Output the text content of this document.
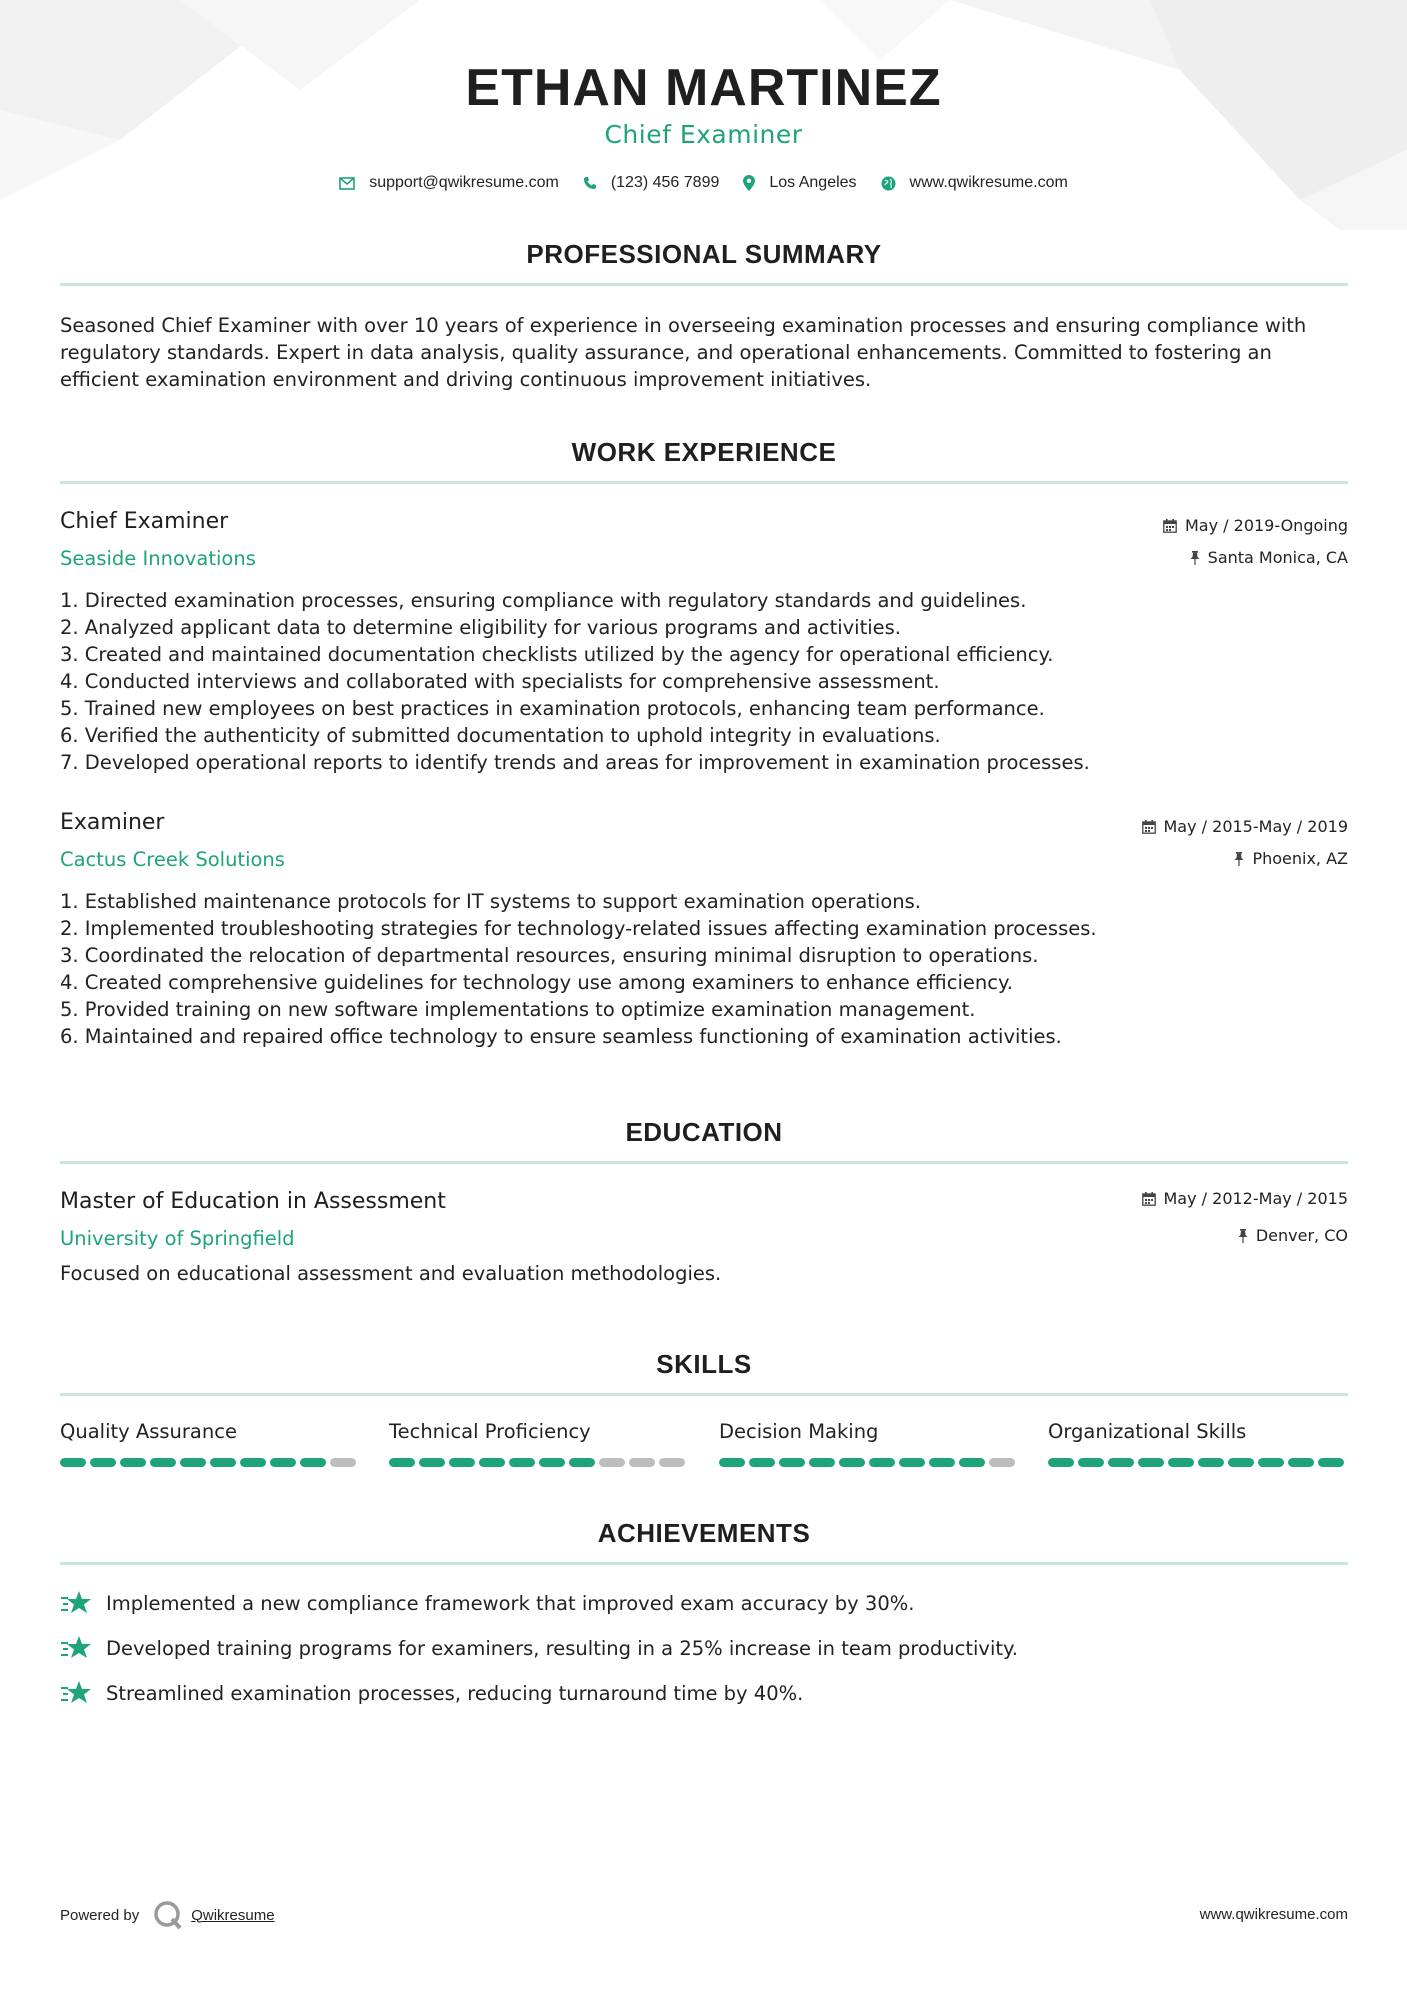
ETHAN MARTINEZ
Chief Examiner
support@qwikresume.com	(123) 456 7899	Los Angeles	www.qwikresume.com
PROFESSIONAL SUMMARY
Seasoned Chief Examiner with over 10 years of experience in overseeing examination processes and ensuring compliance with regulatory standards. Expert in data analysis, quality assurance, and operational enhancements. Committed to fostering an efficient examination environment and driving continuous improvement initiatives.
WORK EXPERIENCE
Chief Examiner
Seaside Innovations
May / 2019-Ongoing
Santa Monica, CA
1. Directed examination processes, ensuring compliance with regulatory standards and guidelines.
2. Analyzed applicant data to determine eligibility for various programs and activities.
3. Created and maintained documentation checklists utilized by the agency for operational efficiency.
4. Conducted interviews and collaborated with specialists for comprehensive assessment.
5. Trained new employees on best practices in examination protocols, enhancing team performance.
6. Verified the authenticity of submitted documentation to uphold integrity in evaluations.
7. Developed operational reports to identify trends and areas for improvement in examination processes.
Examiner
Cactus Creek Solutions
May / 2015-May / 2019
Phoenix, AZ
1. Established maintenance protocols for IT systems to support examination operations.
2. Implemented troubleshooting strategies for technology-related issues affecting examination processes.
3. Coordinated the relocation of departmental resources, ensuring minimal disruption to operations.
4. Created comprehensive guidelines for technology use among examiners to enhance efficiency.
5. Provided training on new software implementations to optimize examination management.
6. Maintained and repaired office technology to ensure seamless functioning of examination activities.
EDUCATION
Master of Education in Assessment
University of Springfield
May / 2012-May / 2015
Denver, CO
Focused on educational assessment and evaluation methodologies.
SKILLS
Quality Assurance	Technical Proficiency	Decision Making	Organizational Skills
ACHIEVEMENTS
Implemented a new compliance framework that improved exam accuracy by 30%.
Developed training programs for examiners, resulting in a 25% increase in team productivity.
Streamlined examination processes, reducing turnaround time by 40%.
Powered by	Qwikresume	www.qwikresume.com
